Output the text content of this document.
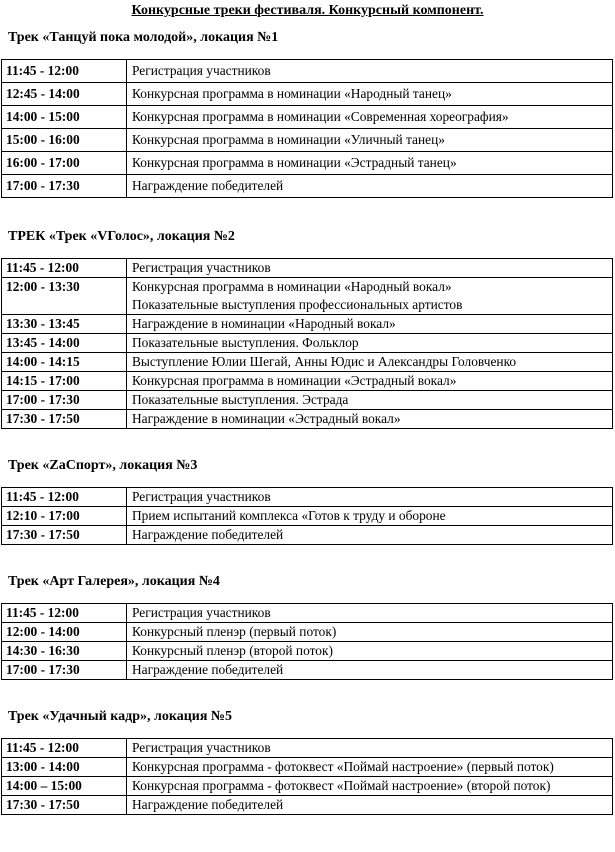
Конкурсные треки фестиваля. Конкурсный компонент.
Трек «Танцуй пока молодой», локация №1
11:45 - 12:00	Регистрация участников

12:45 - 14:00	Конкурсная программа в номинации «Народный танец»

14:00 - 15:00	Конкурсная программа в номинации «Современная хореография»

15:00 - 16:00	Конкурсная программа в номинации «Уличный танец»

16:00 - 17:00	Конкурсная программа в номинации «Эстрадный танец»

17:00 - 17:30	Награждение победителей
ТРЕК «Трек «VГолос», локация №2
11:45 - 12:00	Регистрация участников

12:00 - 13:30	Конкурсная программа в номинации «Народный вокал»
Показательные выступления профессиональных артистов

13:30 - 13:45	Награждение в номинации «Народный вокал»

13:45 - 14:00	Показательные выступления. Фольклор

14:00 - 14:15	Выступление Юлии Шегай, Анны Юдис и Александры Головченко

14:15 - 17:00	Конкурсная программа в номинации «Эстрадный вокал»

17:00 - 17:30	Показательные выступления. Эстрада

17:30 - 17:50	Награждение в номинации «Эстрадный вокал»
Трек «ZaСпорт», локация №3
11:45 - 12:00	Регистрация участников

12:10 - 17:00	Прием испытаний комплекса «Готов к труду и обороне

17:30 - 17:50	Награждение победителей
Трек «Арт Галерея», локация №4
11:45 - 12:00	Регистрация участников

12:00 - 14:00	Конкурсный пленэр (первый поток)

14:30 - 16:30	Конкурсный пленэр (второй поток)

17:00 - 17:30	Награждение победителей
Трек «Удачный кадр», локация №5
11:45 - 12:00	Регистрация участников

13:00 - 14:00	Конкурсная программа - фотоквест «Поймай настроение» (первый поток)

14:00 – 15:00	Конкурсная программа - фотоквест «Поймай настроение» (второй поток)

17:30 - 17:50	Награждение победителей
